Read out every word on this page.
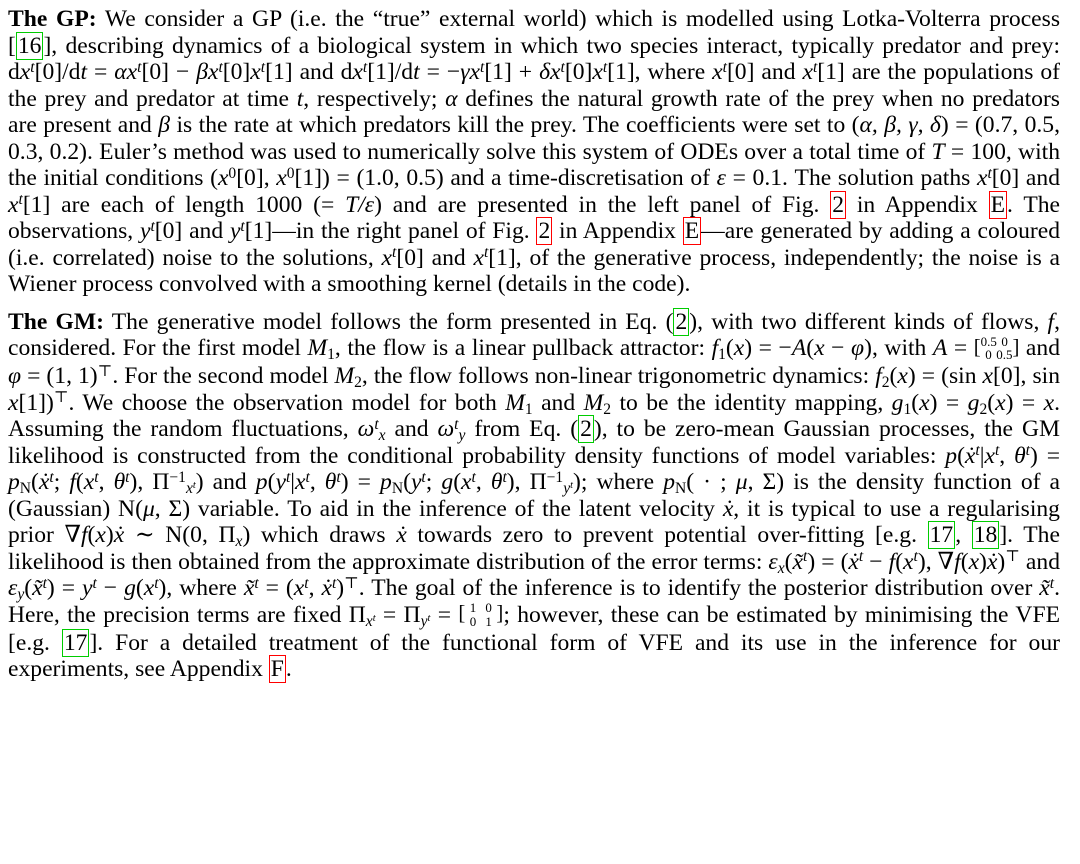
The GP: We consider a GP (i.e. the “true” external world) which is modelled using Lotka-Volterra process [16], describing dynamics of a biological system in which two species interact, typically predator and prey: $dx^t[0]/dt = \alpha x^t[0] - \beta x^t[0]x^t[1]$ and $dx^t[1]/dt = -\gamma x^t[1] + \delta x^t[0]x^t[1]$, where $x^t[0]$ and $x^t[1]$ are the populations of the prey and predator at time t, respectively; α defines the natural growth rate of the prey when no predators are present and β is the rate at which predators kill the prey. The coefficients were set to (α, β, γ, δ) = (0.7, 0.5, 0.3, 0.2). Euler’s method was used to numerically solve this system of ODEs over a total time of T = 100, with the initial conditions ($x^0[0]$, $x^0[1]) = (1.0$, 0.5) and a time-discretisation of ε = 0.1. The solution paths $x^t[0]$ and $x^t[1]$ are each of length 1000 (= T/ε) and are presented in the left panel of Fig. 2 in Appendix E. The observations, $y^t[0]$ and $y^t[1]—in$ the right panel of Fig. 2 in Appendix E—are generated by adding a coloured (i.e. correlated) noise to the solutions, $x^t[0]$ and $x^t[1]$, of the generative process, independently; the noise is a Wiener process convolved with a smoothing kernel (details in the code).

The GM: The generative model follows the form presented in Eq. (2), with two different kinds of flows, f, considered. For the first model $M_1$, the flow is a linear pullback attractor: $f_1(x) = -A(x - \varphi)$, with A = [0.5 0
0 0.5] and φ = (1, 1)⊤. For the second model $M_2$, the flow follows non-linear trigonometric dynamics: $f_2(x) = (\sin$ x[0], sin x[1])⊤. We choose the observation model for both $M_1$ and $M_2$ to be the identity mapping, $g_1(x) = g_2(x) = x$. Assuming the random fluctuations, $\omega^t_x$ and $\omega^t_y$ from Eq. (2), to be zero-mean Gaussian processes, the GM likelihood is constructed from the conditional probability density functions of model variables: $p(ẋ^t|x^t$, $\theta^t$) = $p_N(ẋ^t$; $f(x^t$, $\theta^t$), $\Pi^{-1}_{x^t}$) and $p(y^t|x^t$, $\theta^t) = p_N(y^t$; $g(x^t$, $\theta^t$), $\Pi^{-1}_{y^t}$); where $p_N$( · ; μ, Σ) is the density function of a (Gaussian) N(μ, Σ) variable. To aid in the inference of the latent velocity ẋ, it is typical to use a regularising prior ∇f(x)ẋ ∼ N(0, $\Pi_x$) which draws ẋ towards zero to prevent potential over-fitting [e.g. 17, 18]. The likelihood is then obtained from the approximate distribution of the error terms: $\varepsilon_x(x̃^t)$ = (ẋ$^t$ − $f(x^t)$, ∇f(x)ẋ)⊤ and $\varepsilon_y(x̃^t) = y^t - g(x^t)$, where x̃$^t$ = ($x^t$, ẋ$^t$)⊤. The goal of the inference is to identify the posterior distribution over x̃$^t$. Here, the precision terms are fixed $\Pi_{x^t} = \Pi_{y^t}$ = [ 1 0
0 1 ]; however, these can be estimated by minimising the VFE [e.g. 17]. For a detailed treatment of the functional form of VFE and its use in the inference for our experiments, see Appendix F.
